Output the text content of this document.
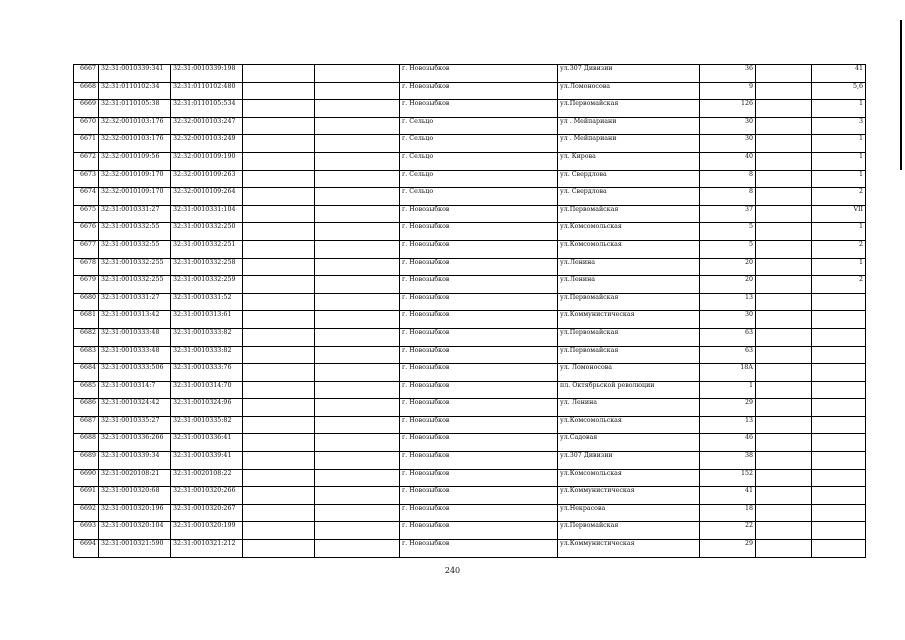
6667	32:31:0010339:341	32:31:0010339:198			г. Новозыбков	ул.307 Дивизии	36		41
6668	32:31:0110102:34	32:31:0110102:480			г. Новозыбков	ул.Ломоносова	9		5,6
6669	32:31:0110105:38	32:31:0110105:534			г. Новозыбков	ул.Первомайская	126		1
6670	32:32:0010103:176	32:32:0010103:247			г. Сельцо	ул . Мейпариани	30		3
6671	32:32:0010103:176	32:32:0010103:249			г. Сельцо	ул . Мейпариани	30		1
6672	32:32:0010109:56	32:32:0010109:190			г. Сельцо	ул. Кирова	40		1
6673	32:32:0010109:170	32:32:0010109:263			г. Сельцо	ул. Свердлова	8		1
6674	32:32:0010109:170	32:32:0010109:264			г. Сельцо	ул. Свердлова	8		2
6675	32:31:0010331:27	32:31:0010331:104			г. Новозыбков	ул.Первомайская	37		VII
6676	32:31:0010332:55	32:31:0010332:250			г. Новозыбков	ул.Комсомольская	5		1
6677	32:31:0010332:55	32:31:0010332:251			г. Новозыбков	ул.Комсомольская	5		2
6678	32:31:0010332:255	32:31:0010332:258			г. Новозыбков	ул.Ленина	20		1
6679	32:31:0010332:255	32:31:0010332:259			г. Новозыбков	ул.Ленина	20		2
6680	32:31:0010331:27	32:31:0010331:52			г. Новозыбков	ул.Первомайская	13		
6681	32:31:0010313:42	32:31:0010313:61			г. Новозыбков	ул.Коммунистическая	30		
6682	32:31:0010333:48	32:31:0010333:82			г. Новозыбков	ул.Первомайская	63		
6683	32:31:0010333:48	32:31:0010333:82			г. Новозыбков	ул.Первомайская	63		
6684	32:31:0010333:506	32:31:0010333:76			г. Новозыбков	ул. Ломоносова	18А		
6685	32:31:0010314:7	32:31:0010314:70			г. Новозыбков	пл. Октябрьской революции	1		
6686	32:31:0010324:42	32:31:0010324:96			г. Новозыбков	ул. Ленина	29		
6687	32:31:0010335:27	32:31:0010335:82			г. Новозыбков	ул.Комсомольская	13		
6688	32:31:0010336:266	32:31:0010336:41			г. Новозыбков	ул.Садовая	46		
6689	32:31:0010339:34	32:31:0010339:41			г. Новозыбков	ул.307 Дивизии	38		
6690	32:31:0020108:21	32:31:0020108:22			г. Новозыбков	ул.Комсомольская	152		
6691	32:31:0010320:68	32:31:0010320:266			г. Новозыбков	ул.Коммунистическая	41		
6692	32:31:0010320:196	32:31:0010320:267			г. Новозыбков	ул.Некрасова	18		
6693	32:31:0010320:104	32:31:0010320:199			г. Новозыбков	ул.Первомайская	22		
6694	32:31:0010321:590	32:31:0010321:212			г. Новозыбков	ул.Коммунистическая	29		
240
